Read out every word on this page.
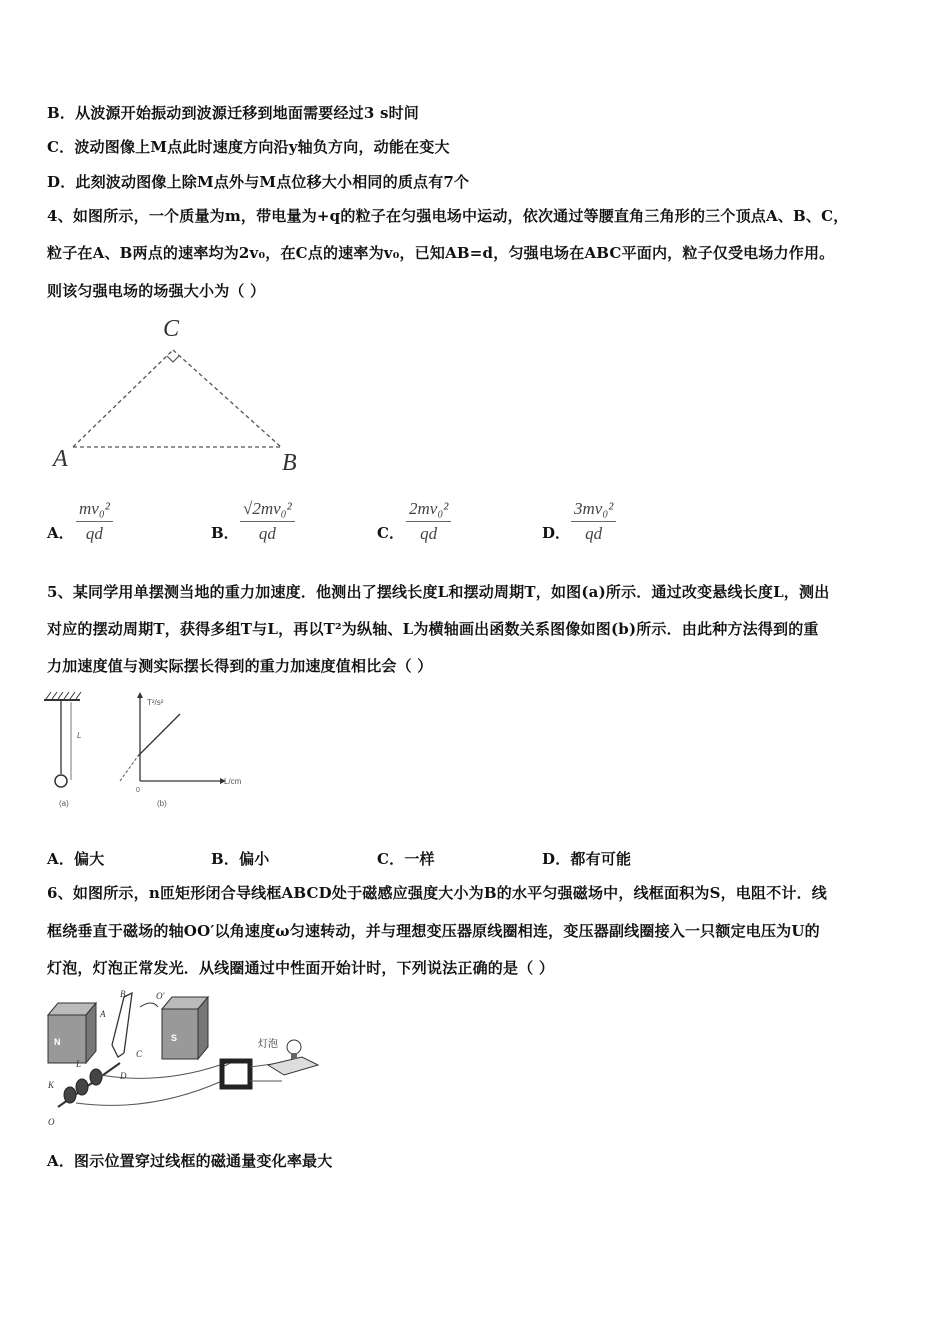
B．从波源开始振动到波源迁移到地面需要经过3 s时间
C．波动图像上M点此时速度方向沿y轴负方向，动能在变大
D．此刻波动图像上除M点外与M点位移大小相同的质点有7个
4、如图所示，一个质量为m，带电量为+q的粒子在匀强电场中运动，依次通过等腰直角三角形的三个顶点A、B、C，
粒子在A、B两点的速率均为2v₀，在C点的速率为v₀，已知AB=d，匀强电场在ABC平面内，粒子仅受电场力作用。
则该匀强电场的场强大小为（ ）
A	B
C
A． $\frac{\text{mv₀²}}{qd}$	B． $\frac{\text{√2mv₀²}}{qd}$	C． $\frac{\text{2mv₀²}}{qd}$	D． $\frac{\text{3mv₀²}}{qd}$
5、某同学用单摆测当地的重力加速度．他测出了摆线长度L和摆动周期T，如图(a)所示．通过改变悬线长度L，测出
对应的摆动周期T，获得多组T与L，再以T²为纵轴、L为横轴画出函数关系图像如图(b)所示．由此种方法得到的重
力加速度值与测实际摆长得到的重力加速度值相比会（ ）
L
(a)
T²/s²
L/cm
0
(b)
A．偏大	B．偏小	C．一样	D．都有可能
6、如图所示，n匝矩形闭合导线框ABCD处于磁感应强度大小为B的水平匀强磁场中，线框面积为S，电阻不计．线
框绕垂直于磁场的轴OO′以角速度ω匀速转动，并与理想变压器原线圈相连，变压器副线圈接入一只额定电压为U的
灯泡，灯泡正常发光．从线圈通过中性面开始计时，下列说法正确的是（ ）
N	S
B
A
C
D
O′
L
K
O
灯泡
A．图示位置穿过线框的磁通量变化率最大
